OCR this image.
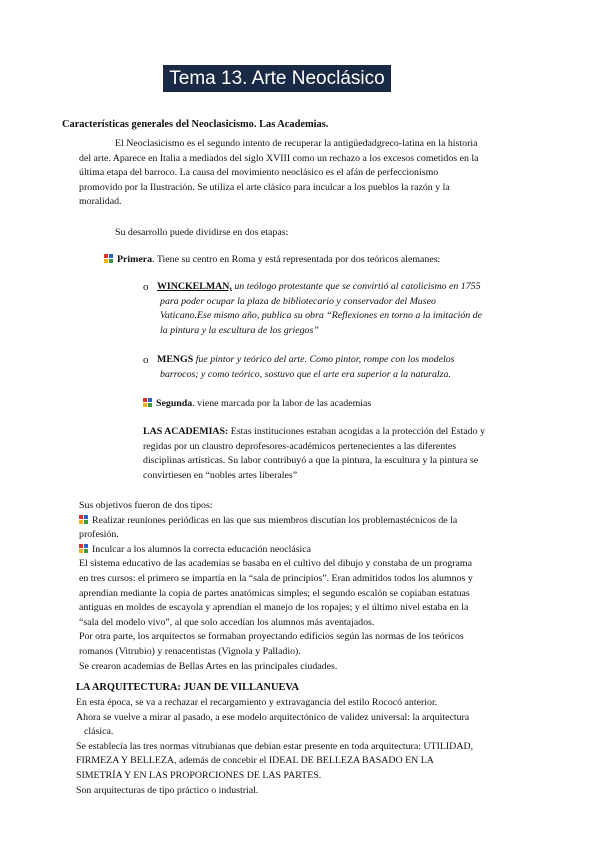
Tema 13. Arte Neoclásico
Características generales del Neoclasicismo. Las Academias.
El Neoclasicismo es el segundo intento de recuperar la antigüedadgreco-latina en la historia
del arte. Aparece en Italia a mediados del siglo XVIII como un rechazo a los excesos cometidos en la
última etapa del barroco. La causa del movimiento neoclásico es el afán de perfeccionismo
promovido por la Ilustración. Se utiliza el arte clásico para inculcar a los pueblos la razón y la
moralidad.
Su desarrollo puede dividirse en dos etapas:
Primera. Tiene su centro en Roma y está representada por dos teóricos alemanes:
o WINCKELMAN, un teólogo protestante que se convirtió al catolicismo en 1755
para poder ocupar la plaza de bibliotecario y conservador del Museo
Vaticano.Ese mismo año, publica su obra “Reflexiones en torno a la imitación de
la pintura y la escultura de los griegos”
o MENGS fue pintor y teórico del arte. Como pintor, rompe con los modelos
barrocos; y como teórico, sostuvo que el arte era superior a la naturalza.
Segunda. viene marcada por la labor de las academias
LAS ACADEMIAS: Estas instituciones estaban acogidas a la protección del Estado y
regidas por un claustro deprofesores-académicos pertenecientes a las diferentes
disciplinas artísticas. Su labor contribuyó a que la pintura, la escultura y la pintura se
convirtiesen en “nobles artes liberales”
Sus objetivos fueron de dos tipos:
Realizar reuniones periódicas en las que sus miembros discutían los problemastécnicos de la
profesión.
Inculcar a los alumnos la correcta educación neoclásica
El sistema educativo de las academias se basaba en el cultivo del dibujo y constaba de un programa
en tres cursos: el primero se impartía en la “sala de principios”. Eran admitidos todos los alumnos y
aprendían mediante la copia de partes anatómicas simples; el segundo escalón se copiaban estatuas
antiguas en moldes de escayola y aprendían el manejo de los ropajes; y el último nivel estaba en la
“sala del modelo vivo”, al que solo accedían los alumnos más aventajados.
Por otra parte, los arquitectos se formaban proyectando edificios según las normas de los teóricos
romanos (Vitrubio) y renacentistas (Vignola y Palladio).
Se crearon academias de Bellas Artes en las principales ciudades.
LA ARQUITECTURA: JUAN DE VILLANUEVA
En esta época, se va a rechazar el recargamiento y extravagancia del estilo Rococó anterior.
Ahora se vuelve a mirar al pasado, a ese modelo arquitectónico de validez universal: la arquitectura
clásica.
Se establecía las tres normas vitrubianas que debían estar presente en toda arquitectura: UTILIDAD,
FIRMEZA Y BELLEZA, además de concebir el IDEAL DE BELLEZA BASADO EN LA
SIMETRÍA Y EN LAS PROPORCIONES DE LAS PARTES.
Son arquitecturas de tipo práctico o industrial.
